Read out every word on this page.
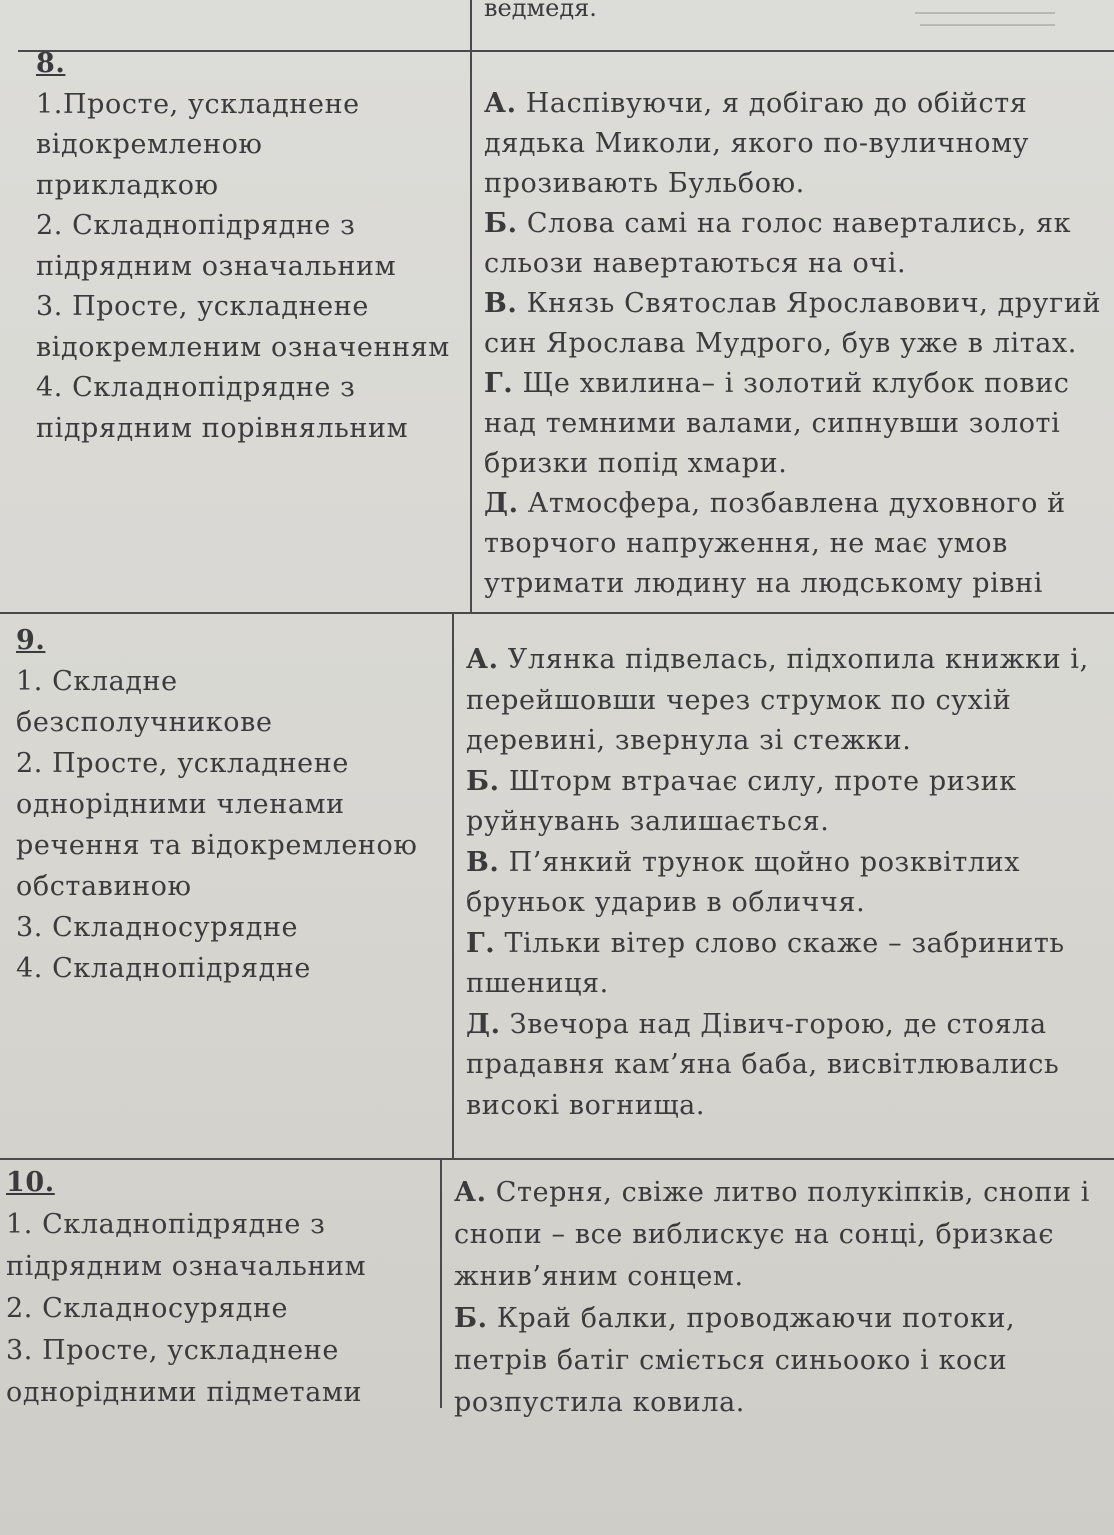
ведмедя.
8.
1.Просте, ускладнене
відокремленою
прикладкою
2. Складнопідрядне з
підрядним означальним
3. Просте, ускладнене
відокремленим означенням
4. Складнопідрядне з
підрядним порівняльним
А. Наспівуючи, я добігаю до обійстя
дядька Миколи, якого по-вуличному
прозивають Бульбою.
Б. Слова самі на голос навертались, як
сльози навертаються на очі.
В. Князь Святослав Ярославович, другий
син Ярослава Мудрого, був уже в літах.
Г. Ще хвилина– і золотий клубок повис
над темними валами, сипнувши золоті
бризки попід хмари.
Д. Атмосфера, позбавлена духовного й
творчого напруження, не має умов
утримати людину на людському рівні
9.
1. Складне
безсполучникове
2. Просте, ускладнене
однорідними членами
речення та відокремленою
обставиною
3. Складносурядне
4. Складнопідрядне
А. Улянка підвелась, підхопила книжки і,
перейшовши через струмок по сухій
деревині, звернула зі стежки.
Б. Шторм втрачає силу, проте ризик
руйнувань залишається.
В. П’янкий трунок щойно розквітлих
бруньок ударив в обличчя.
Г. Тільки вітер слово скаже – забринить
пшениця.
Д. Звечора над Дівич-горою, де стояла
прадавня кам’яна баба, висвітлювались
високі вогнища.
10.
1. Складнопідрядне з
підрядним означальним
2. Складносурядне
3. Просте, ускладнене
однорідними підметами
А. Стерня, свіже литво полукіпків, снопи і
снопи – все виблискує на сонці, бризкає
жнив’яним сонцем.
Б. Край балки, проводжаючи потоки,
петрів батіг сміється синьооко і коси
розпустила ковила.
